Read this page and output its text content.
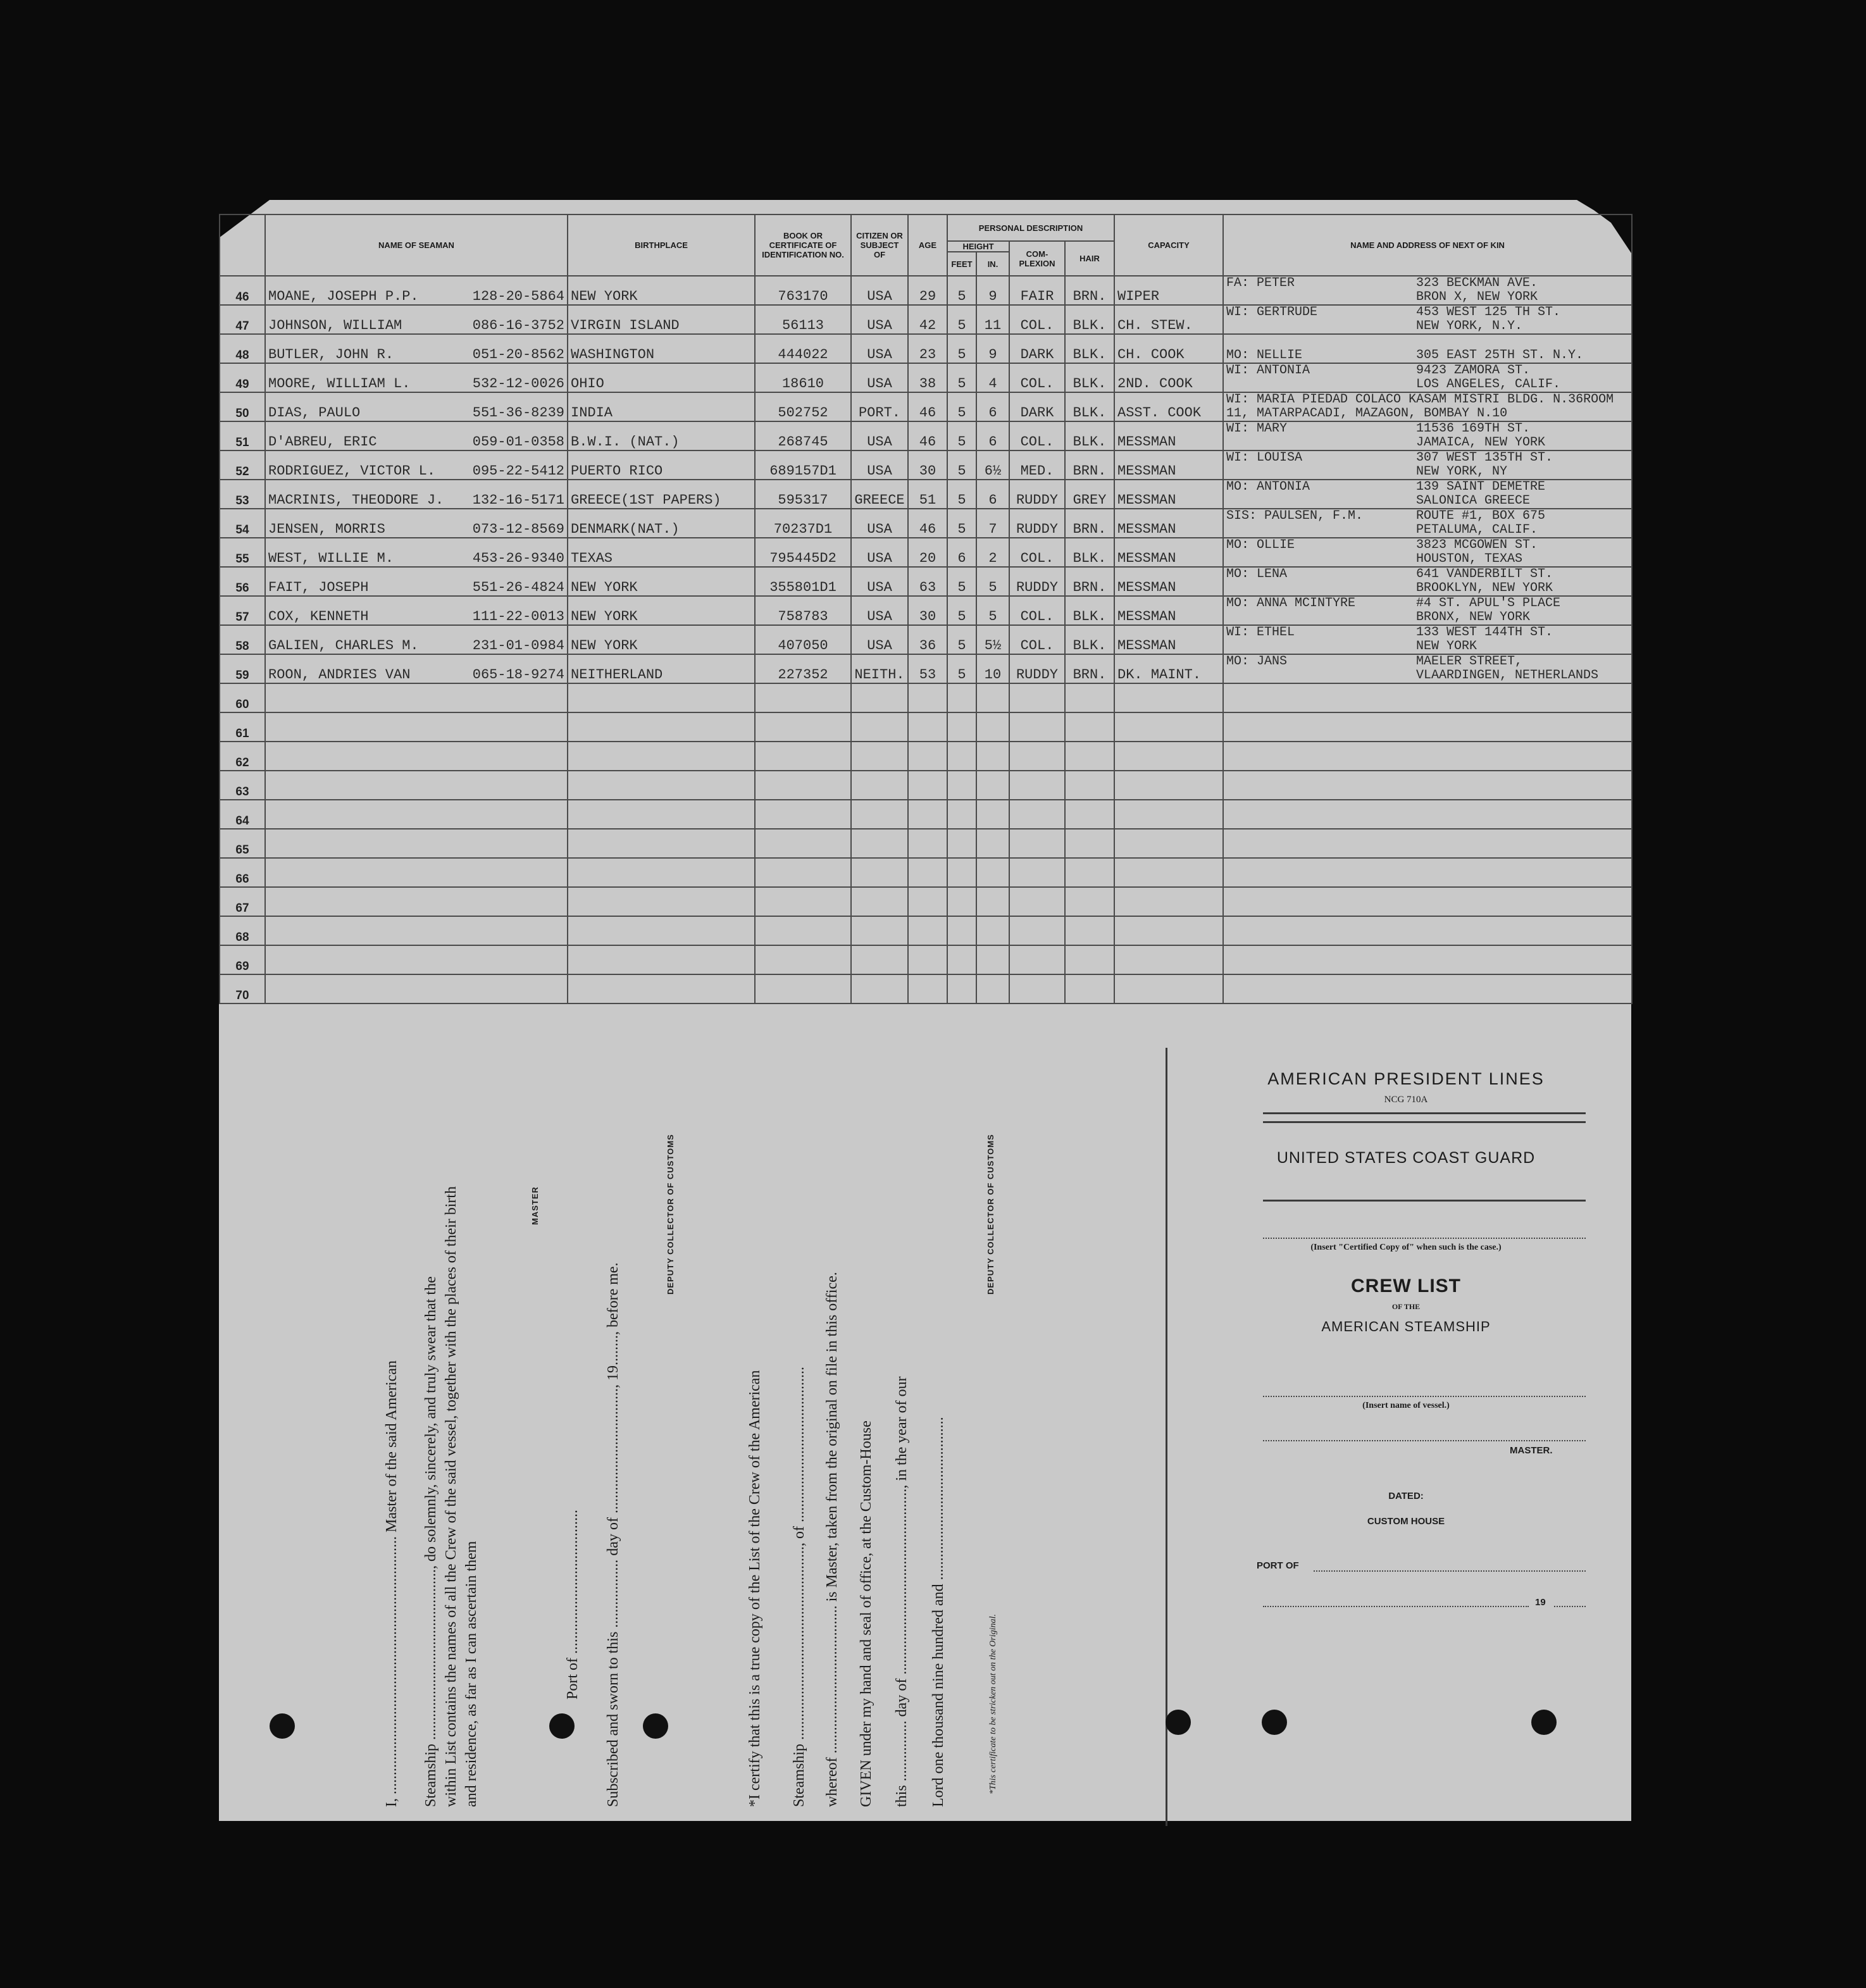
	NAME OF SEAMAN	BIRTHPLACE	BOOK OR CERTIFICATE OF IDENTIFICATION NO.	CITIZEN OR SUBJECT OF	AGE	PERSONAL DESCRIPTION				CAPACITY	NAME AND ADDRESS OF NEXT OF KIN
						HEIGHT		COM-PLEXION	HAIR		
						FEET	IN.				
46	MOANE, JOSEPH P.P. 128-20-5864	NEW YORK	763170	USA	29	5	9	FAIR	BRN.	WIPER	FA: PETER 323 BECKMAN AVE.
BRON X, NEW YORK

47	JOHNSON, WILLIAM 086-16-3752	VIRGIN ISLAND	56113	USA	42	5	11	COL.	BLK.	CH. STEW.	WI: GERTRUDE 453 WEST 125 TH ST.
NEW YORK, N.Y.

48	BUTLER, JOHN R. 051-20-8562	WASHINGTON	444022	USA	23	5	9	DARK	BLK.	CH. COOK	MO: NELLIE 305 EAST 25TH ST. N.Y.

49	MOORE, WILLIAM L. 532-12-0026	OHIO	18610	USA	38	5	4	COL.	BLK.	2ND. COOK	WI: ANTONIA 9423 ZAMORA ST.
LOS ANGELES, CALIF.

50	DIAS, PAULO 551-36-8239	INDIA	502752	PORT.	46	5	6	DARK	BLK.	ASST. COOK	WI: MARIA PIEDAD COLACO KASAM MISTRI BLDG. N.36ROOM 11, MATARPACADI, MAZAGON, BOMBAY N.10

51	D'ABREU, ERIC 059-01-0358	B.W.I. (NAT.)	268745	USA	46	5	6	COL.	BLK.	MESSMAN	WI: MARY 11536 169TH ST.
JAMAICA, NEW YORK

52	RODRIGUEZ, VICTOR L. 095-22-5412	PUERTO RICO	689157D1	USA	30	5	6½	MED.	BRN.	MESSMAN	WI: LOUISA 307 WEST 135TH ST.
NEW YORK, NY

53	MACRINIS, THEODORE J. 132-16-5171	GREECE(1ST PAPERS)	595317	GREECE	51	5	6	RUDDY	GREY	MESSMAN	MO: ANTONIA 139 SAINT DEMETRE
SALONICA GREECE

54	JENSEN, MORRIS 073-12-8569	DENMARK(NAT.)	70237D1	USA	46	5	7	RUDDY	BRN.	MESSMAN	SIS: PAULSEN, F.M. ROUTE #1, BOX 675
PETALUMA, CALIF.

55	WEST, WILLIE M. 453-26-9340	TEXAS	795445D2	USA	20	6	2	COL.	BLK.	MESSMAN	MO: OLLIE 3823 MCGOWEN ST.
HOUSTON, TEXAS

56	FAIT, JOSEPH 551-26-4824	NEW YORK	355801D1	USA	63	5	5	RUDDY	BRN.	MESSMAN	MO: LENA 641 VANDERBILT ST.
BROOKLYN, NEW YORK

57	COX, KENNETH 111-22-0013	NEW YORK	758783	USA	30	5	5	COL.	BLK.	MESSMAN	MO: ANNA MCINTYRE #4 ST. APUL'S PLACE
BRONX, NEW YORK

58	GALIEN, CHARLES M. 231-01-0984	NEW YORK	407050	USA	36	5	5½	COL.	BLK.	MESSMAN	WI: ETHEL 133 WEST 144TH ST.
NEW YORK

59	ROON, ANDRIES VAN 065-18-9274	NEITHERLAND	227352	NEITH.	53	5	10	RUDDY	BRN.	DK. MAINT.	MO: JANS MAELER STREET,
VLAARDINGEN, NETHERLANDS

60	

61	

62	

63	

64	

65	

66	

67	

68	

69	

70	

I, .................................................................... Master of the said American Steamship ............................................., do solemnly, sincerely, and truly swear that the within List contains the names of all the Crew of the said vessel, together with the places of their birth and residence, as far as I can ascertain them
MASTER
Port of ...................................... Subscribed and sworn to this .................. day of ................................., 19........, before me.
DEPUTY COLLECTOR OF CUSTOMS
*I certify that this is a true copy of the List of the Crew of the American Steamship ..................................................., of ......................................... whereof ....................................... is Master, taken from the original on file in this office. GIVEN under my hand and seal of office, at the Custom-House this ................ day of ................................................., in the year of our Lord one thousand nine hundred and ...........................................
DEPUTY COLLECTOR OF CUSTOMS
*This certificate to be stricken out on the Original.
AMERICAN PRESIDENT LINES
NCG 710A
UNITED STATES COAST GUARD
(Insert "Certified Copy of" when such is the case.)
CREW LIST
OF THE
AMERICAN STEAMSHIP
(Insert name of vessel.)
MASTER.
DATED:
CUSTOM HOUSE
PORT OF
19
